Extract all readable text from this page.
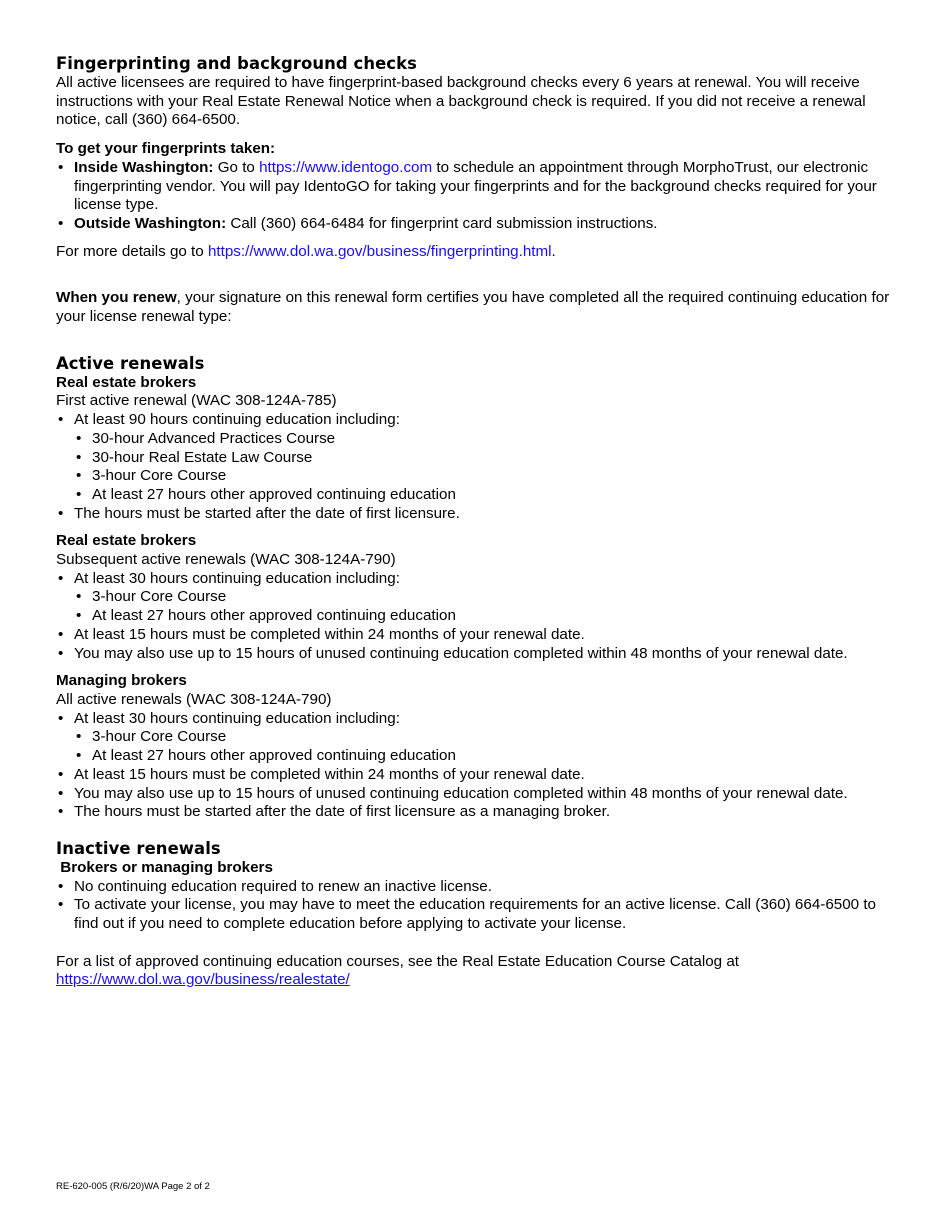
Fingerprinting and background checks

All active licensees are required to have fingerprint-based background checks every 6 years at renewal. You will receive instructions with your Real Estate Renewal Notice when a background check is required. If you did not receive a renewal notice, call (360) 664-6500.

To get your fingerprints taken:
• Inside Washington: Go to https://www.identogo.com to schedule an appointment through MorphoTrust, our electronic fingerprinting vendor. You will pay IdentoGO for taking your fingerprints and for the background checks required for your license type.
• Outside Washington: Call (360) 664-6484 for fingerprint card submission instructions.

For more details go to https://www.dol.wa.gov/business/fingerprinting.html.

When you renew, your signature on this renewal form certifies you have completed all the required continuing education for your license renewal type:

Active renewals
Real estate brokers

First active renewal (WAC 308-124A-785)

• At least 90 hours continuing education including:
• 30-hour Advanced Practices Course
• 30-hour Real Estate Law Course
• 3-hour Core Course
• At least 27 hours other approved continuing education
• The hours must be started after the date of first licensure.
Real estate brokers

Subsequent active renewals (WAC 308-124A-790)

• At least 30 hours continuing education including:
• 3-hour Core Course
• At least 27 hours other approved continuing education
• At least 15 hours must be completed within 24 months of your renewal date.
• You may also use up to 15 hours of unused continuing education completed within 48 months of your renewal date.
Managing brokers

All active renewals (WAC 308-124A-790)

• At least 30 hours continuing education including:
• 3-hour Core Course
• At least 27 hours other approved continuing education
• At least 15 hours must be completed within 24 months of your renewal date.
• You may also use up to 15 hours of unused continuing education completed within 48 months of your renewal date.
• The hours must be started after the date of first licensure as a managing broker.
Inactive renewals
Brokers or managing brokers
• No continuing education required to renew an inactive license.
• To activate your license, you may have to meet the education requirements for an active license. Call (360) 664-6500 to find out if you need to complete education before applying to activate your license.

For a list of approved continuing education courses, see the Real Estate Education Course Catalog at

https://www.dol.wa.gov/business/realestate/

RE-620-005 (R/6/20)WA Page 2 of 2
